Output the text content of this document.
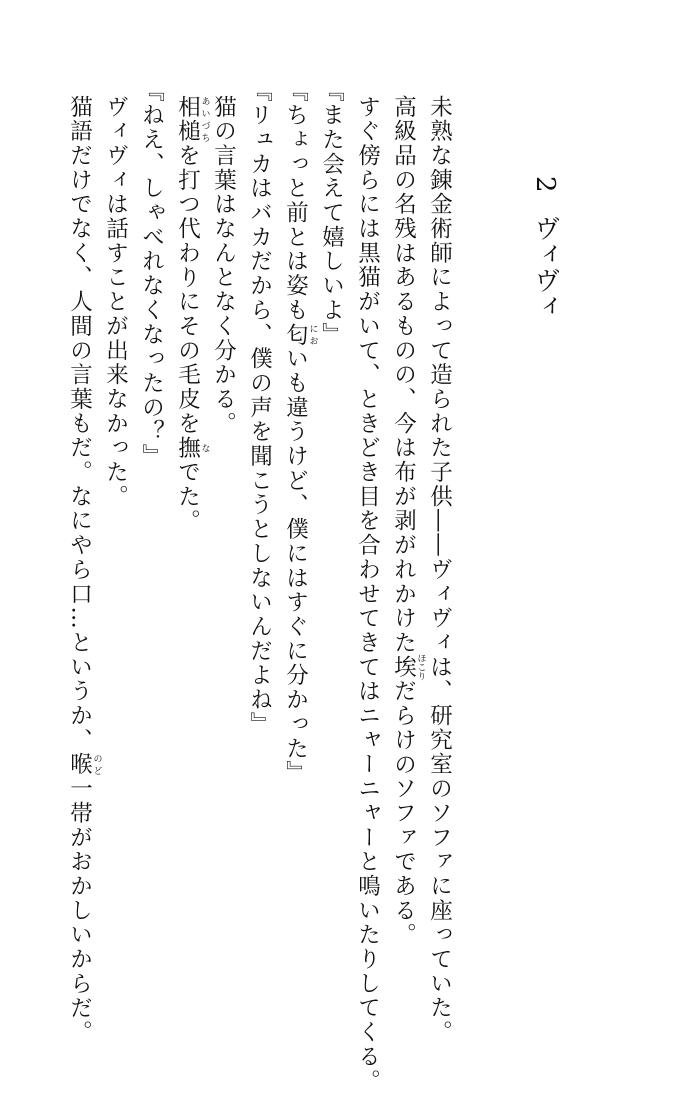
2ヴィヴィ
未熟な錬金術師によって造られた子供――ヴィヴィは、研究室のソファに座っていた。
高級品の名残はあるものの、今は布が剥がれかけた埃 ほこりだらけのソファである。
すぐ傍らには黒猫がいて、ときどき目を合わせてきてはニャーニャーと鳴いたりしてくる。
『また会えて嬉しいよ』
『ちょっと前とは姿も匂 においも違うけど、僕にはすぐに分かった』
『リュカはバカだから、僕の声を聞こうとしないんだよね』
猫の言葉はなんとなく分かる。
相槌 あいづちを打つ代わりにその毛皮を撫 なでた。
『ねえ、しゃべれなくなったの？』
ヴィヴィは話すことが出来なかった。
猫語だけでなく、人間の言葉もだ。なにやら口…というか、喉 のど一帯がおかしいからだ。
